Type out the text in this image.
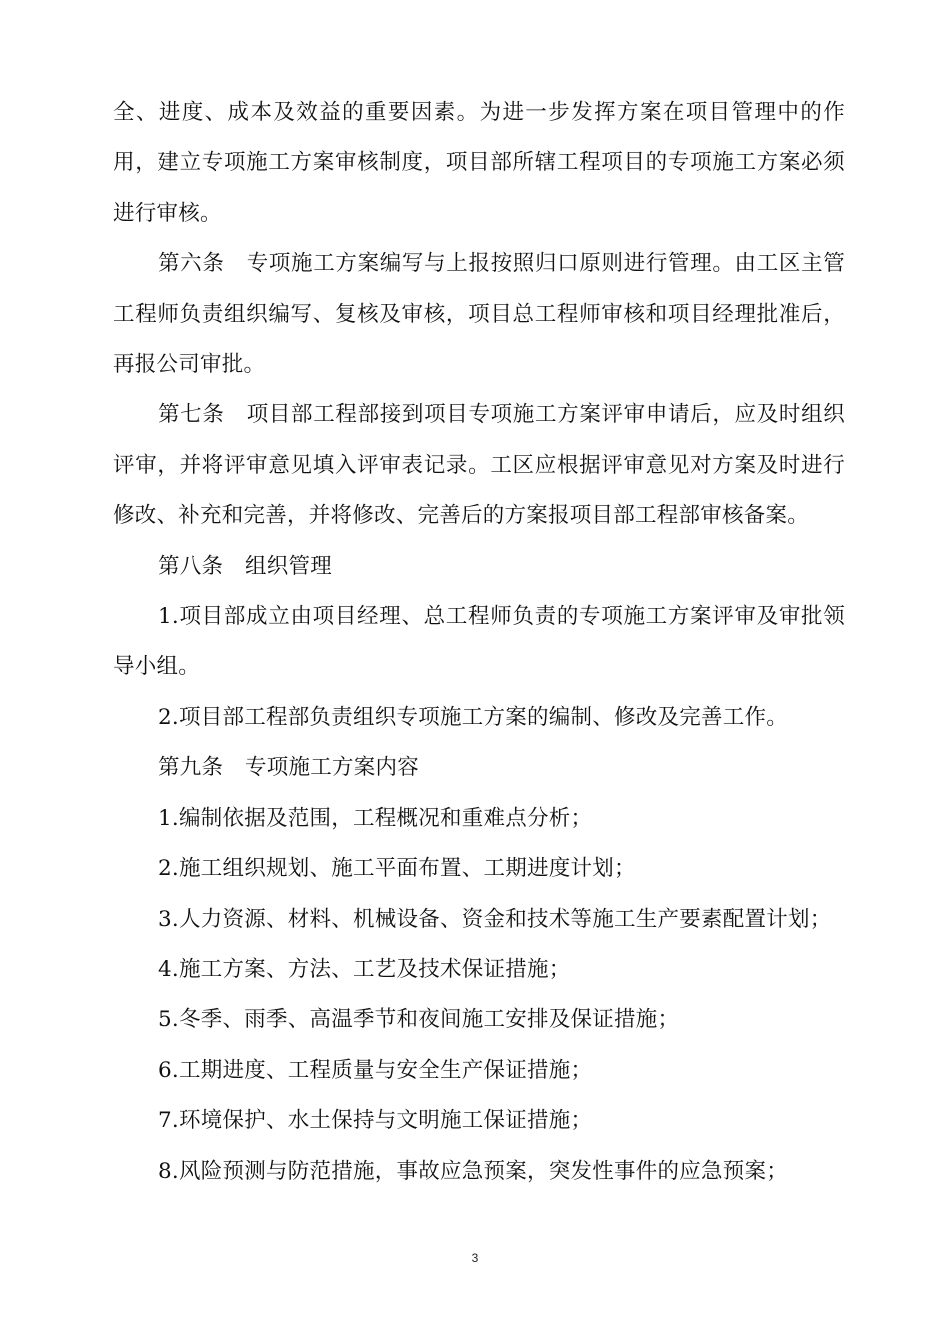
全、进度、成本及效益的重要因素。为进一步发挥方案在项目管理中的作用，建立专项施工方案审核制度，项目部所辖工程项目的专项施工方案必须进行审核。

第六条　专项施工方案编写与上报按照归口原则进行管理。由工区主管工程师负责组织编写、复核及审核，项目总工程师审核和项目经理批准后，再报公司审批。

第七条　项目部工程部接到项目专项施工方案评审申请后，应及时组织评审，并将评审意见填入评审表记录。工区应根据评审意见对方案及时进行修改、补充和完善，并将修改、完善后的方案报项目部工程部审核备案。

第八条　组织管理

1.项目部成立由项目经理、总工程师负责的专项施工方案评审及审批领导小组。

2.项目部工程部负责组织专项施工方案的编制、修改及完善工作。

第九条　专项施工方案内容

1.编制依据及范围，工程概况和重难点分析；

2.施工组织规划、施工平面布置、工期进度计划；

3.人力资源、材料、机械设备、资金和技术等施工生产要素配置计划；

4.施工方案、方法、工艺及技术保证措施；

5.冬季、雨季、高温季节和夜间施工安排及保证措施；

6.工期进度、工程质量与安全生产保证措施；

7.环境保护、水土保持与文明施工保证措施；

8.风险预测与防范措施，事故应急预案，突发性事件的应急预案；

3
